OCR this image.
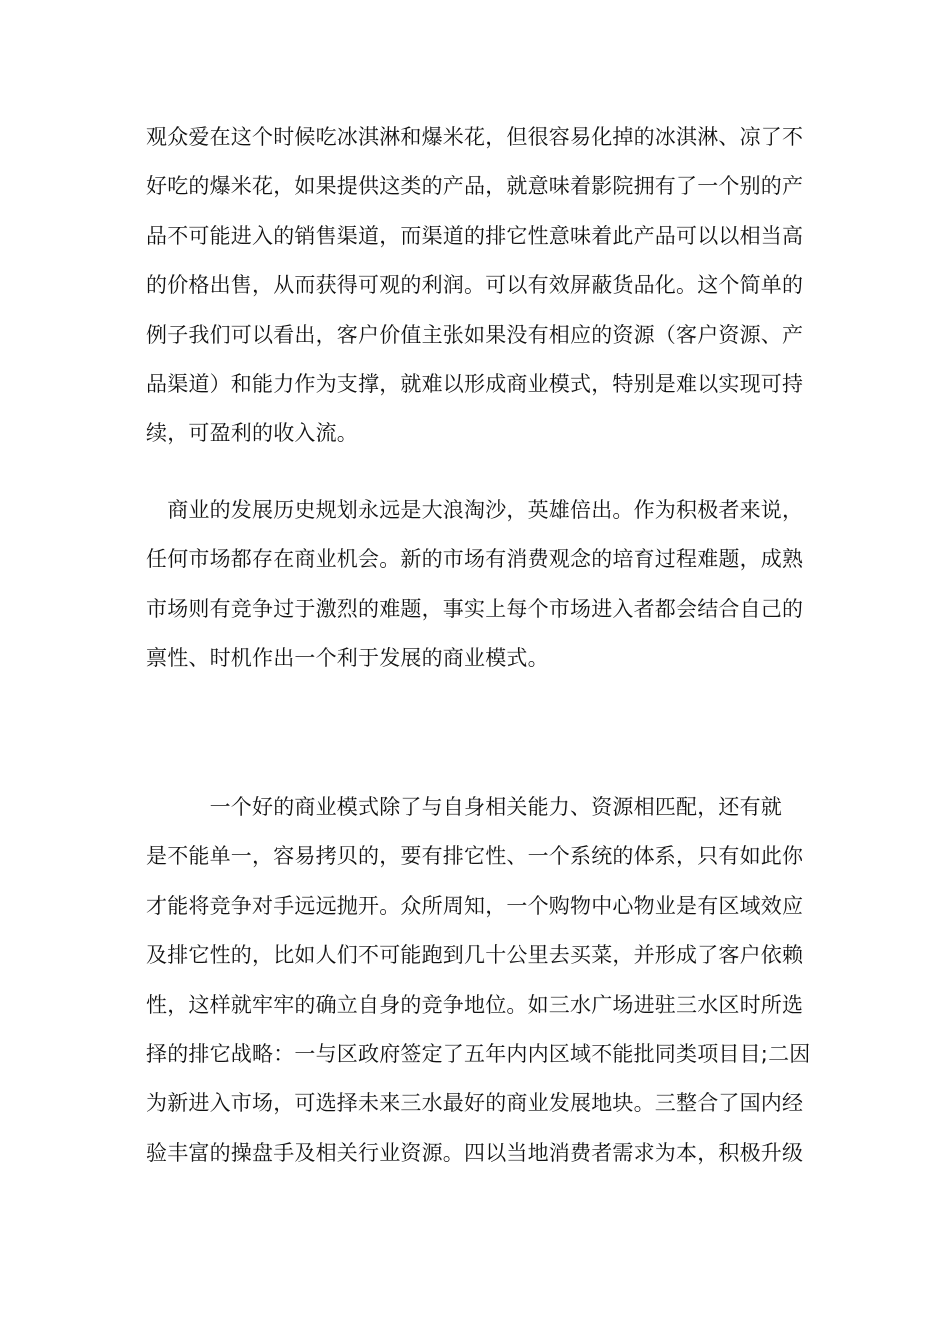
观众爱在这个时候吃冰淇淋和爆米花，但很容易化掉的冰淇淋、凉了不
好吃的爆米花，如果提供这类的产品，就意味着影院拥有了一个别的产
品不可能进入的销售渠道，而渠道的排它性意味着此产品可以以相当高
的价格出售，从而获得可观的利润。可以有效屏蔽货品化。这个简单的
例子我们可以看出，客户价值主张如果没有相应的资源（客户资源、产
品渠道）和能力作为支撑，就难以形成商业模式，特别是难以实现可持
续，可盈利的收入流。
　商业的发展历史规划永远是大浪淘沙，英雄倍出。作为积极者来说，
任何市场都存在商业机会。新的市场有消费观念的培育过程难题，成熟
市场则有竞争过于激烈的难题，事实上每个市场进入者都会结合自己的
禀性、时机作出一个利于发展的商业模式。
　　　一个好的商业模式除了与自身相关能力、资源相匹配，还有就
是不能单一，容易拷贝的，要有排它性、一个系统的体系，只有如此你
才能将竞争对手远远抛开。众所周知，一个购物中心物业是有区域效应
及排它性的，比如人们不可能跑到几十公里去买菜，并形成了客户依赖
性，这样就牢牢的确立自身的竞争地位。如三水广场进驻三水区时所选
择的排它战略：一与区政府签定了五年内内区域不能批同类项目目;二因
为新进入市场，可选择未来三水最好的商业发展地块。三整合了国内经
验丰富的操盘手及相关行业资源。四以当地消费者需求为本，积极升级
